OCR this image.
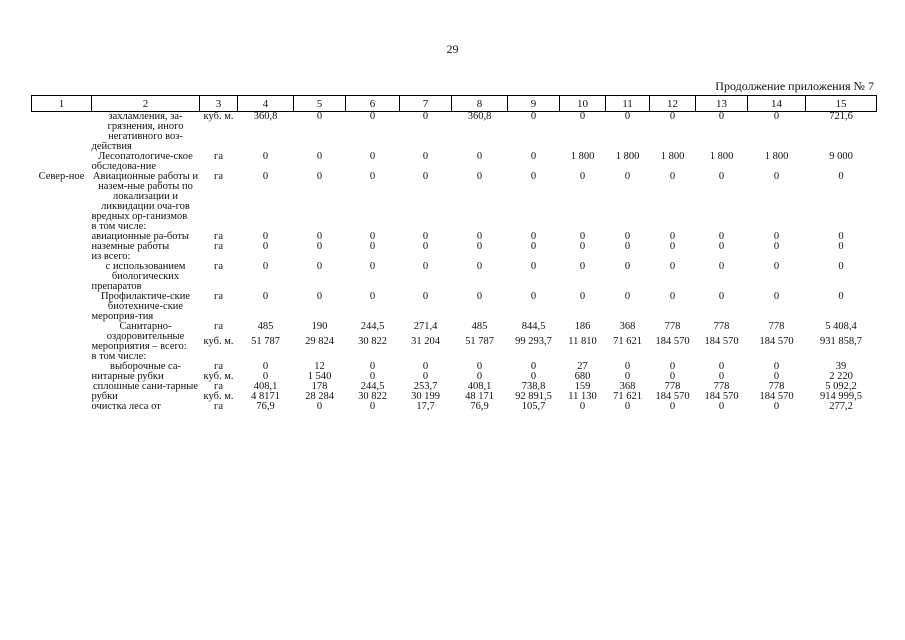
29
Продолжение приложения № 7
1	2	3	4	5	6	7	8	9	10	11	12	13	14	15
	захламления, за-грязнения, иного негативного воз-действия	куб. м.	360,8	0	0	0	360,8	0	0	0	0	0	0	721,6
	Лесопатологиче-ское обследова-ние	га	0	0	0	0	0	0	1 800	1 800	1 800	1 800	1 800	9 000
Север-ное	Авиационные работы и назем-ные работы по локализации и ликвидации оча-гов вредных ор-ганизмов	га	0	0	0	0	0	0	0	0	0	0	0	0
	в том числе:													
	авиационные ра-боты	га	0	0	0	0	0	0	0	0	0	0	0	0
	наземные работы	га	0	0	0	0	0	0	0	0	0	0	0	0
	из всего:													
	с использованием биологических препаратов	га	0	0	0	0	0	0	0	0	0	0	0	0
	Профилактиче-ские биотехниче-ские мероприя-тия	га	0	0	0	0	0	0	0	0	0	0	0	0
	Санитарно-оздоровительные мероприятия – всего:	га	485	190	244,5	271,4	485	844,5	186	368	778	778	778	5 408,4
		куб. м.	51 787	29 824	30 822	31 204	51 787	99 293,7	11 810	71 621	184 570	184 570	184 570	931 858,7
	в том числе:													
	выборочные са-нитарные рубки	га	0	12	0	0	0	0	27	0	0	0	0	39
		куб. м.	0	1 540	0	0	0	0	680	0	0	0	0	2 220
	сплошные сани-тарные рубки	га	408,1	178	244,5	253,7	408,1	738,8	159	368	778	778	778	5 092,2
		куб. м.	4 8171	28 284	30 822	30 199	48 171	92 891,5	11 130	71 621	184 570	184 570	184 570	914 999,5
	очистка леса от	га	76,9	0	0	17,7	76,9	105,7	0	0	0	0	0	277,2
